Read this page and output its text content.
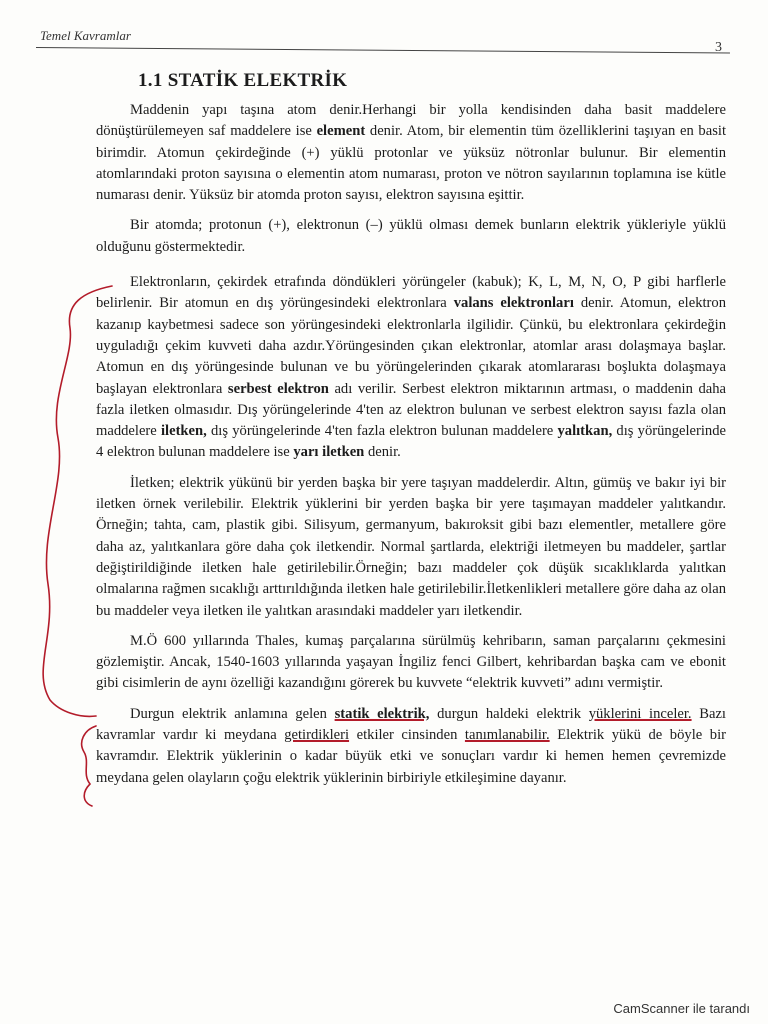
Temel Kavramlar
3
1.1 STATİK ELEKTRİK

Maddenin yapı taşına atom denir.Herhangi bir yolla kendisinden daha basit maddelere dönüştürülemeyen saf maddelere ise element denir. Atom, bir elementin tüm özelliklerini taşıyan en basit birimdir. Atomun çekirdeğinde (+) yüklü protonlar ve yüksüz nötronlar bulunur. Bir elementin atomlarındaki proton sayısına o elementin atom numarası, proton ve nötron sayılarının toplamına ise kütle numarası denir. Yüksüz bir atomda proton sayısı, elektron sayısına eşittir.

Bir atomda; protonun (+), elektronun (–) yüklü olması demek bunların elektrik yükleriyle yüklü olduğunu göstermektedir.

Elektronların, çekirdek etrafında döndükleri yörüngeler (kabuk); K, L, M, N, O, P gibi harflerle belirlenir. Bir atomun en dış yörüngesindeki elektronlara valans elektronları denir. Atomun, elektron kazanıp kaybetmesi sadece son yörüngesindeki elektronlarla ilgilidir. Çünkü, bu elektronlara çekirdeğin uyguladığı çekim kuvveti daha azdır.Yörüngesinden çıkan elektronlar, atomlar arası dolaşmaya başlar. Atomun en dış yörüngesinde bulunan ve bu yörüngelerinden çıkarak atomlararası boşlukta dolaşmaya başlayan elektronlara serbest elektron adı verilir. Serbest elektron miktarının artması, o maddenin daha fazla iletken olmasıdır. Dış yörüngelerinde 4'ten az elektron bulunan ve serbest elektron sayısı fazla olan maddelere iletken, dış yörüngelerinde 4'ten fazla elektron bulunan maddelere yalıtkan, dış yörüngelerinde 4 elektron bulunan maddelere ise yarı iletken denir.

İletken; elektrik yükünü bir yerden başka bir yere taşıyan maddelerdir. Altın, gümüş ve bakır iyi bir iletken örnek verilebilir. Elektrik yüklerini bir yerden başka bir yere taşımayan maddeler yalıtkandır. Örneğin; tahta, cam, plastik gibi. Silisyum, germanyum, bakıroksit gibi bazı elementler, metallere göre daha az, yalıtkanlara göre daha çok iletkendir. Normal şartlarda, elektriği iletmeyen bu maddeler, şartlar değiştirildiğinde iletken hale getirilebilir.Örneğin; bazı maddeler çok düşük sıcaklıklarda yalıtkan olmalarına rağmen sıcaklığı arttırıldığında iletken hale getirilebilir.İletkenlikleri metallere göre daha az olan bu maddeler veya iletken ile yalıtkan arasındaki maddeler yarı iletkendir.

M.Ö 600 yıllarında Thales, kumaş parçalarına sürülmüş kehribarın, saman parçalarını çekmesini gözlemiştir. Ancak, 1540-1603 yıllarında yaşayan İngiliz fenci Gilbert, kehribardan başka cam ve ebonit gibi cisimlerin de aynı özelliği kazandığını görerek bu kuvvete “elektrik kuvveti” adını vermiştir.

Durgun elektrik anlamına gelen statik elektrik, durgun haldeki elektrik yüklerini inceler. Bazı kavramlar vardır ki meydana getirdikleri etkiler cinsinden tanımlanabilir. Elektrik yükü de böyle bir kavramdır. Elektrik yüklerinin o kadar büyük etki ve sonuçları vardır ki hemen hemen çevremizde meydana gelen olayların çoğu elektrik yüklerinin birbiriyle etkileşimine dayanır.

CamScanner ile tarandı
